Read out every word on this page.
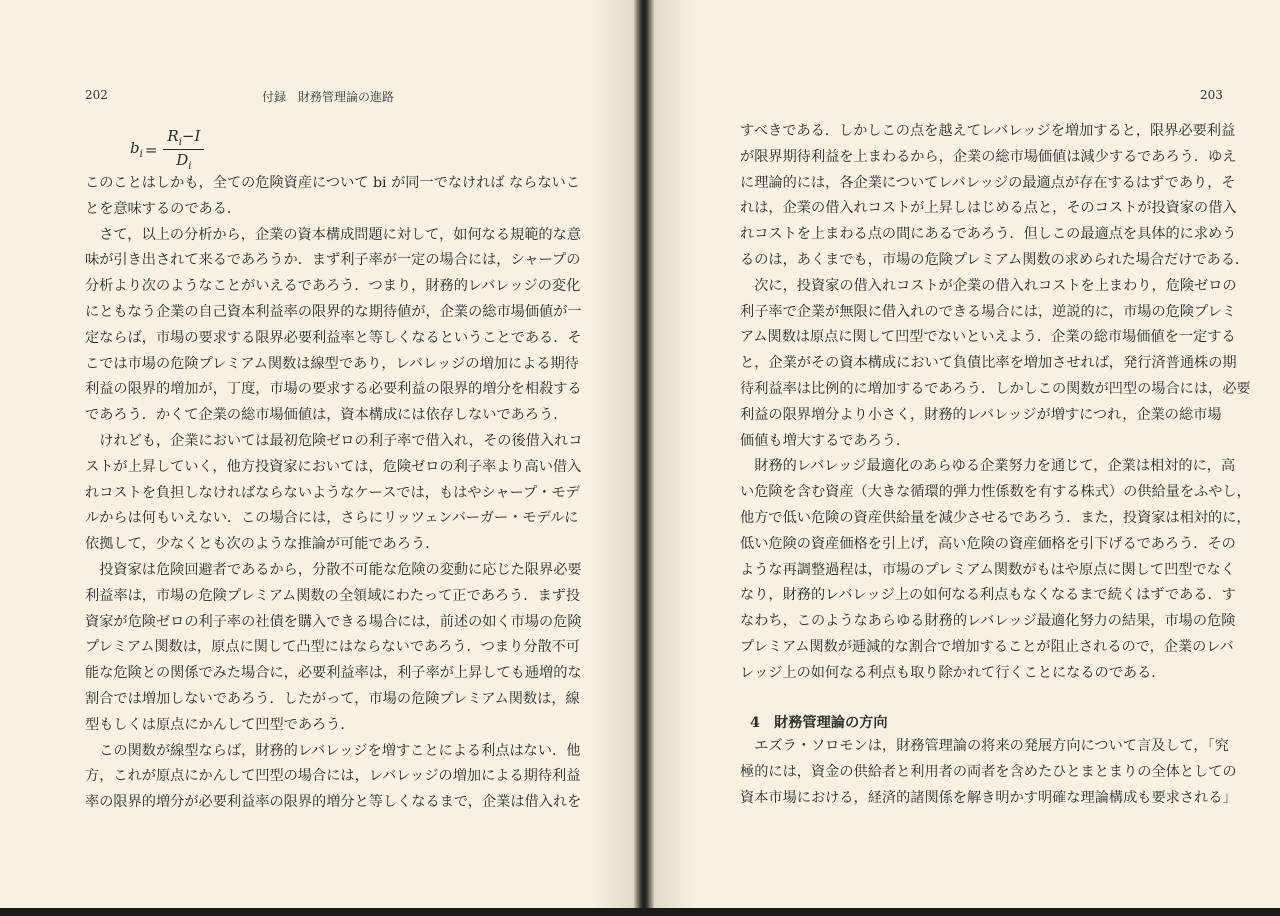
202	付録　財務管理論の進路
$b_i = \frac{R_i-I}{D_i}$
このことはしかも，全ての危険資産について bi が同一でなければ ならないこ
とを意味するのである．
さて，以上の分析から，企業の資本構成問題に対して，如何なる規範的な意
味が引き出されて来るであろうか．まず利子率が一定の場合には，シャープの
分析より次のようなことがいえるであろう．つまり，財務的レバレッジの変化
にともなう企業の自己資本利益率の限界的な期待値が，企業の総市場価値が一
定ならば，市場の要求する限界必要利益率と等しくなるということである．そ
こでは市場の危険プレミアム関数は線型であり，レバレッジの増加による期待
利益の限界的増加が，丁度，市場の要求する必要利益の限界的増分を相殺する
であろう．かくて企業の総市場価値は，資本構成には依存しないであろう．
けれども，企業においては最初危険ゼロの利子率で借入れ，その後借入れコ
ストが上昇していく，他方投資家においては，危険ゼロの利子率より高い借入
れコストを負担しなければならないようなケースでは，もはやシャープ・モデ
ルからは何もいえない．この場合には，さらにリッツェンバーガー・モデルに
依拠して，少なくとも次のような推論が可能であろう．
投資家は危険回避者であるから，分散不可能な危険の変動に応じた限界必要
利益率は，市場の危険プレミアム関数の全領域にわたって正であろう．まず投
資家が危険ゼロの利子率の社債を購入できる場合には，前述の如く市場の危険
プレミアム関数は，原点に関して凸型にはならないであろう．つまり分散不可
能な危険との関係でみた場合に，必要利益率は，利子率が上昇しても逓増的な
割合では増加しないであろう．したがって，市場の危険プレミアム関数は，線
型もしくは原点にかんして凹型であろう．
この関数が線型ならば，財務的レバレッジを増すことによる利点はない．他
方，これが原点にかんして凹型の場合には，レバレッジの増加による期待利益
率の限界的増分が必要利益率の限界的増分と等しくなるまで，企業は借入れを
203
すべきである．しかしこの点を越えてレバレッジを増加すると，限界必要利益
が限界期待利益を上まわるから，企業の総市場価値は減少するであろう．ゆえ
に理論的には，各企業についてレバレッジの最適点が存在するはずであり，そ
れは，企業の借入れコストが上昇しはじめる点と，そのコストが投資家の借入
れコストを上まわる点の間にあるであろう．但しこの最適点を具体的に求めう
るのは，あくまでも，市場の危険プレミアム関数の求められた場合だけである．
次に，投資家の借入れコストが企業の借入れコストを上まわり，危険ゼロの
利子率で企業が無限に借入れのできる場合には，逆説的に，市場の危険プレミ
アム関数は原点に関して凹型でないといえよう．企業の総市場価値を一定する
と，企業がその資本構成において負債比率を増加させれば，発行済普通株の期
待利益率は比例的に増加するであろう．しかしこの関数が凹型の場合には，必要
利益の限界増分より小さく，財務的レバレッジが増すにつれ，企業の総市場
価値も増大するであろう．
財務的レバレッジ最適化のあらゆる企業努力を通じて，企業は相対的に，高
い危険を含む資産（大きな循環的弾力性係数を有する株式）の供給量をふやし，
他方で低い危険の資産供給量を減少させるであろう．また，投資家は相対的に，
低い危険の資産価格を引上げ，高い危険の資産価格を引下げるであろう．その
ような再調整過程は，市場のプレミアム関数がもはや原点に関して凹型でなく
なり，財務的レバレッジ上の如何なる利点もなくなるまで続くはずである．す
なわち，このようなあらゆる財務的レバレッジ最適化努力の結果，市場の危険
プレミアム関数が逓減的な割合で増加することが阻止されるので，企業のレバ
レッジ上の如何なる利点も取り除かれて行くことになるのである．
エズラ・ソロモンは，財務管理論の将来の発展方向について言及して，「究
極的には，資金の供給者と利用者の両者を含めたひとまとまりの全体としての
資本市場における，経済的諸関係を解き明かす明確な理論構成も要求される」
4　財務管理論の方向
